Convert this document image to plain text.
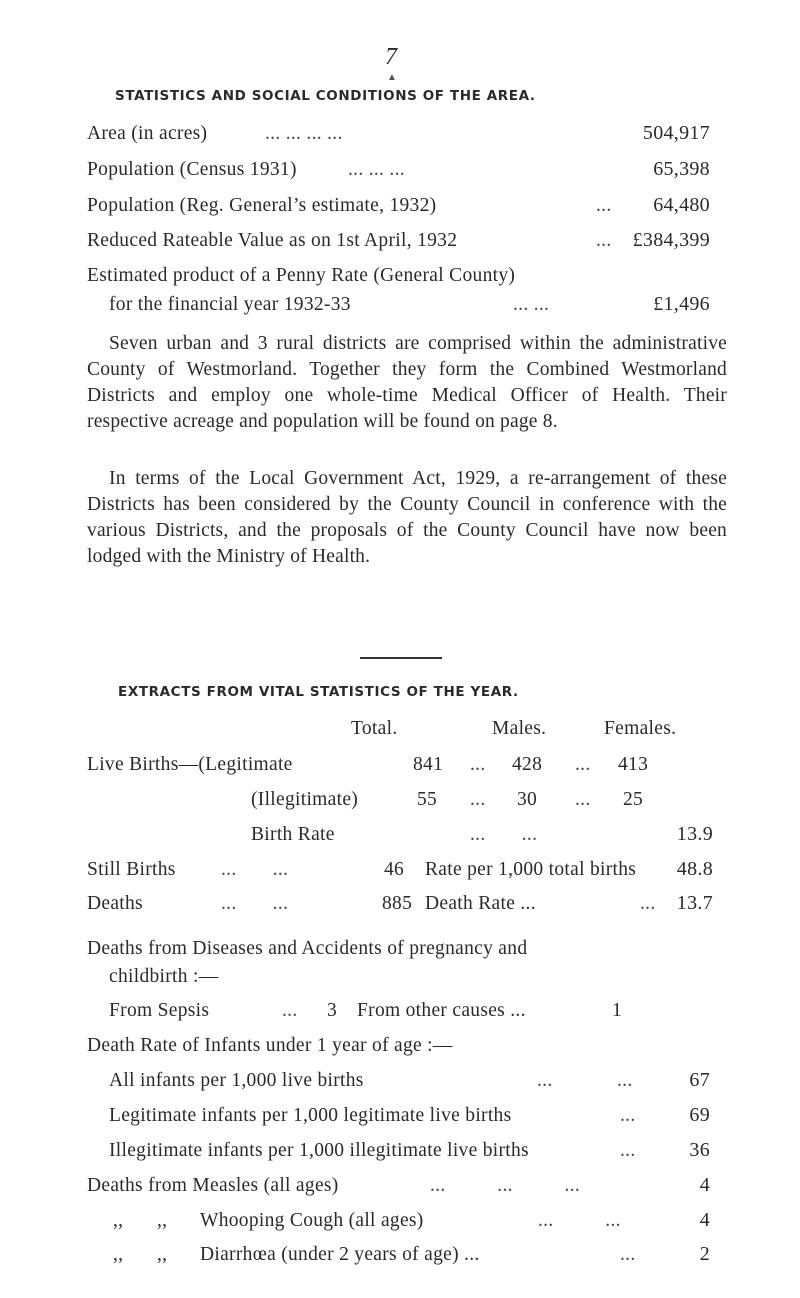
7
▲
STATISTICS AND SOCIAL CONDITIONS OF THE AREA.
Area (in acres)	... ... ... ...	504,917
Population (Census 1931)	... ... ...	65,398
Population (Reg. General’s estimate, 1932)	... 64,480
Reduced Rateable Value as on 1st April, 1932	... £384,399
Estimated product of a Penny Rate (General County)
for the financial year 1932-33	... ...	£1,496
Seven urban and 3 rural districts are comprised within the administrative County of Westmorland. Together they form the Combined Westmorland Districts and employ one whole-time Medical Officer of Health. Their respective acreage and population will be found on page 8.
In terms of the Local Government Act, 1929, a re-arrangement of these Districts has been considered by the County Council in conference with the various Districts, and the proposals of the County Council have now been lodged with the Ministry of Health.
EXTRACTS FROM VITAL STATISTICS OF THE YEAR.
Total.	Males.	Females.
Live Births—(Legitimate	841 ... 428 ... 413
(Illegitimate)	55 ... 30 ... 25
Birth Rate	...       ...	13.9
Still Births ...       ...	46 Rate per 1,000 total births 48.8
Deaths	...       ...	885 Death Rate ...	... 13.7
Deaths from Diseases and Accidents of pregnancy and
childbirth :—
From Sepsis	... 3 From other causes ...	1
Death Rate of Infants under 1 year of age :—
All infants per 1,000 live births	...	...	67
Legitimate infants per 1,000 legitimate live births	...	69
Illegitimate infants per 1,000 illegitimate live births	...	36
Deaths from Measles (all ages)	...          ...          ...	4
,, ,, Whooping Cough (all ages)	...          ...	4
,, ,, Diarrhœa (under 2 years of age) ...	...	2
